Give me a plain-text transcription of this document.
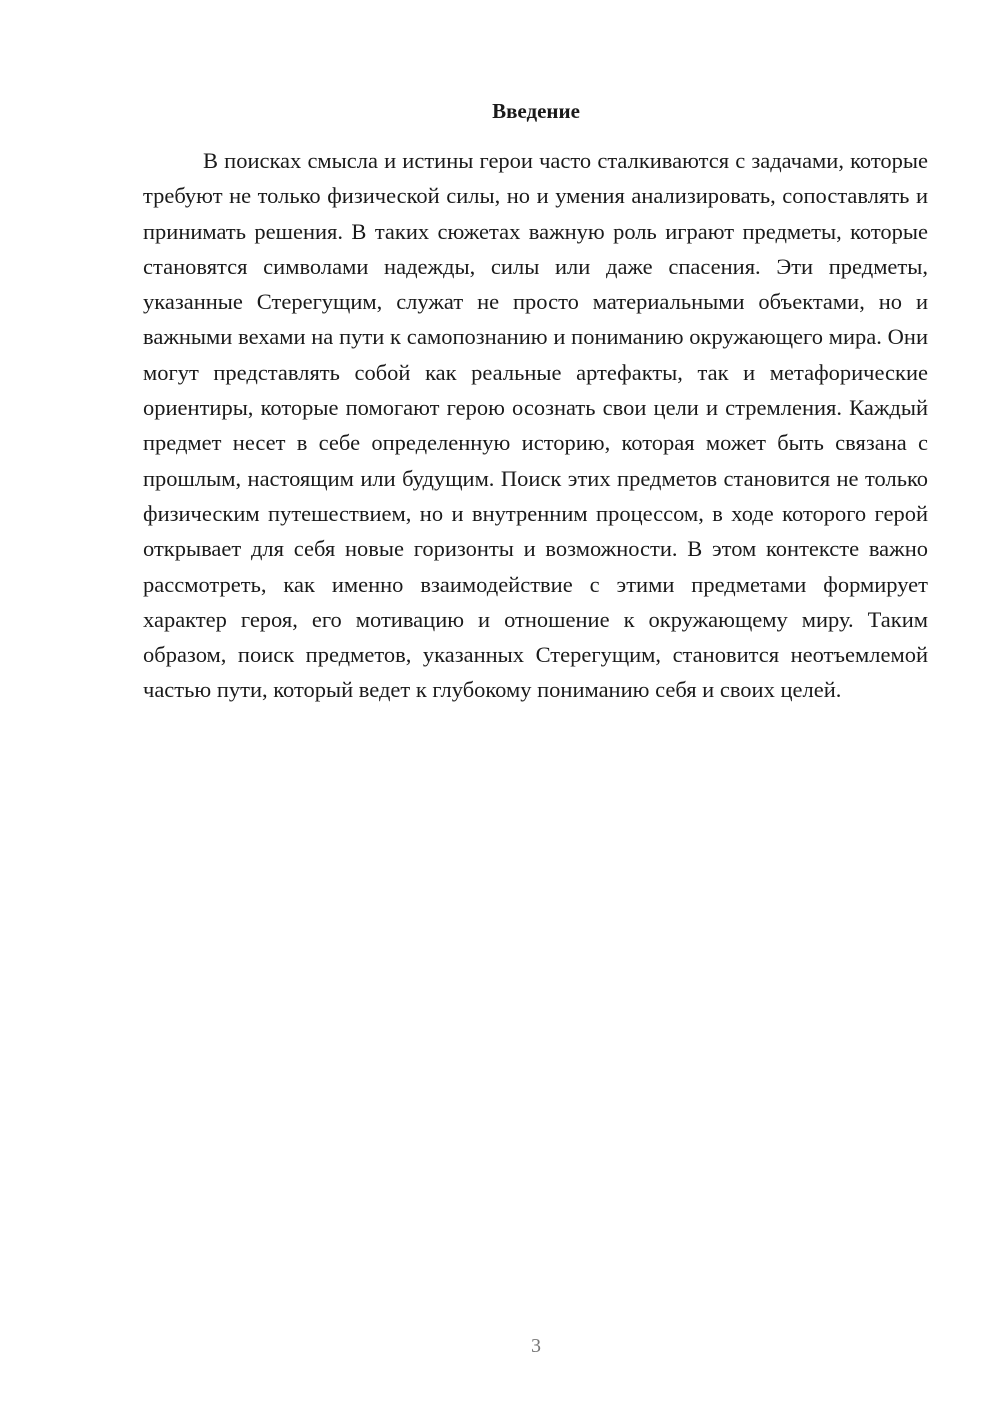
Введение

В поисках смысла и истины герои часто сталкиваются с задачами, которые требуют не только физической силы, но и умения анализировать, сопоставлять и принимать решения. В таких сюжетах важную роль играют предметы, которые становятся символами надежды, силы или даже спасения. Эти предметы, указанные Стерегущим, служат не просто материальными объектами, но и важными вехами на пути к самопознанию и пониманию окружающего мира. Они могут представлять собой как реальные артефакты, так и метафорические ориентиры, которые помогают герою осознать свои цели и стремления. Каждый предмет несет в себе определенную историю, которая может быть связана с прошлым, настоящим или будущим. Поиск этих предметов становится не только физическим путешествием, но и внутренним процессом, в ходе которого герой открывает для себя новые горизонты и возможности. В этом контексте важно рассмотреть, как именно взаимодействие с этими предметами формирует характер героя, его мотивацию и отношение к окружающему миру. Таким образом, поиск предметов, указанных Стерегущим, становится неотъемлемой частью пути, который ведет к глубокому пониманию себя и своих целей.

3
